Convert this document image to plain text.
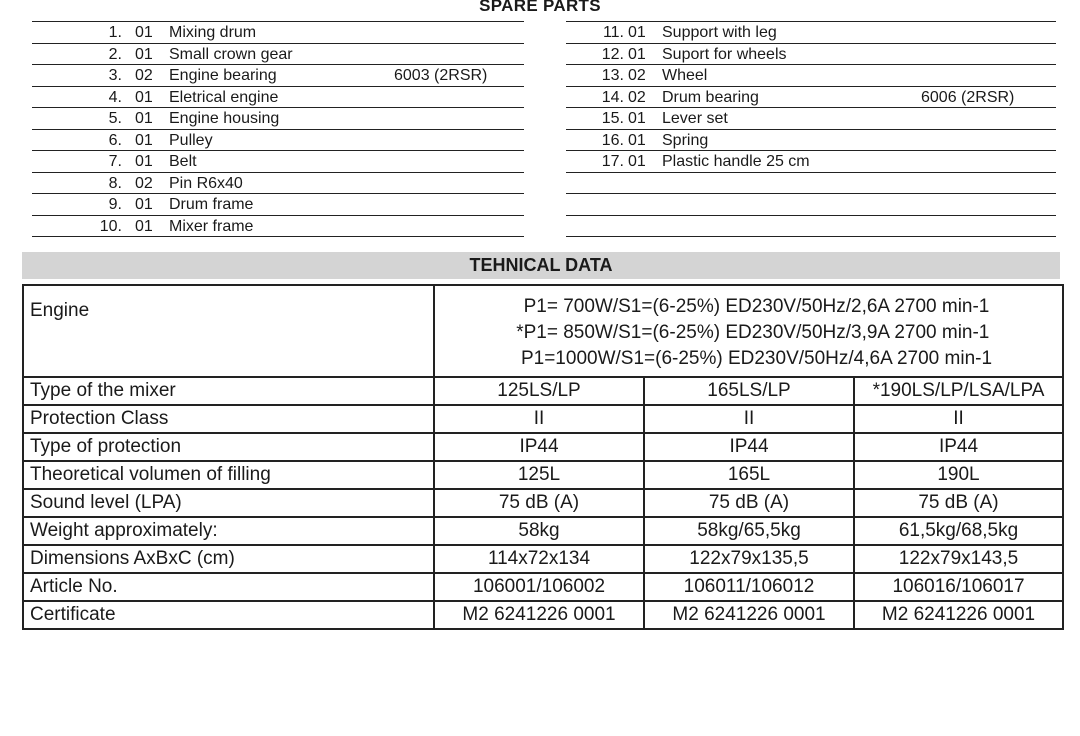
SPARE PARTS
1. 01 Mixing drum
2. 01 Small crown gear
3. 02 Engine bearing	6003 (2RSR)
4. 01 Eletrical engine
5. 01 Engine housing
6. 01 Pulley
7. 01 Belt
8. 02 Pin R6x40
9. 01 Drum frame
10. 01 Mixer frame
11. 01 Support with leg
12. 01 Suport for wheels
13. 02 Wheel
14. 02 Drum bearing	6006 (2RSR)
15. 01 Lever set
16. 01 Spring
17. 01 Plastic handle 25 cm
TEHNICAL DATA
Engine	P1= 700W/S1=(6-25%) ED230V/50Hz/2,6A 2700 min-1
*P1= 850W/S1=(6-25%) ED230V/50Hz/3,9A 2700 min-1
P1=1000W/S1=(6-25%) ED230V/50Hz/4,6A 2700 min-1		

Type of the mixer	125LS/LP	165LS/LP	*190LS/LP/LSA/LPA
Protection Class	II	II	II
Type of protection	IP44	IP44	IP44
Theoretical volumen of filling	125L	165L	190L
Sound level (LPA)	75 dB (A)	75 dB (A)	75 dB (A)
Weight approximately:	58kg	58kg/65,5kg	61,5kg/68,5kg
Dimensions AxBxC (cm)	114x72x134	122x79x135,5	122x79x143,5
Article No.	106001/106002	106011/106012	106016/106017
Certificate	M2 6241226 0001	M2 6241226 0001	M2 6241226 0001
